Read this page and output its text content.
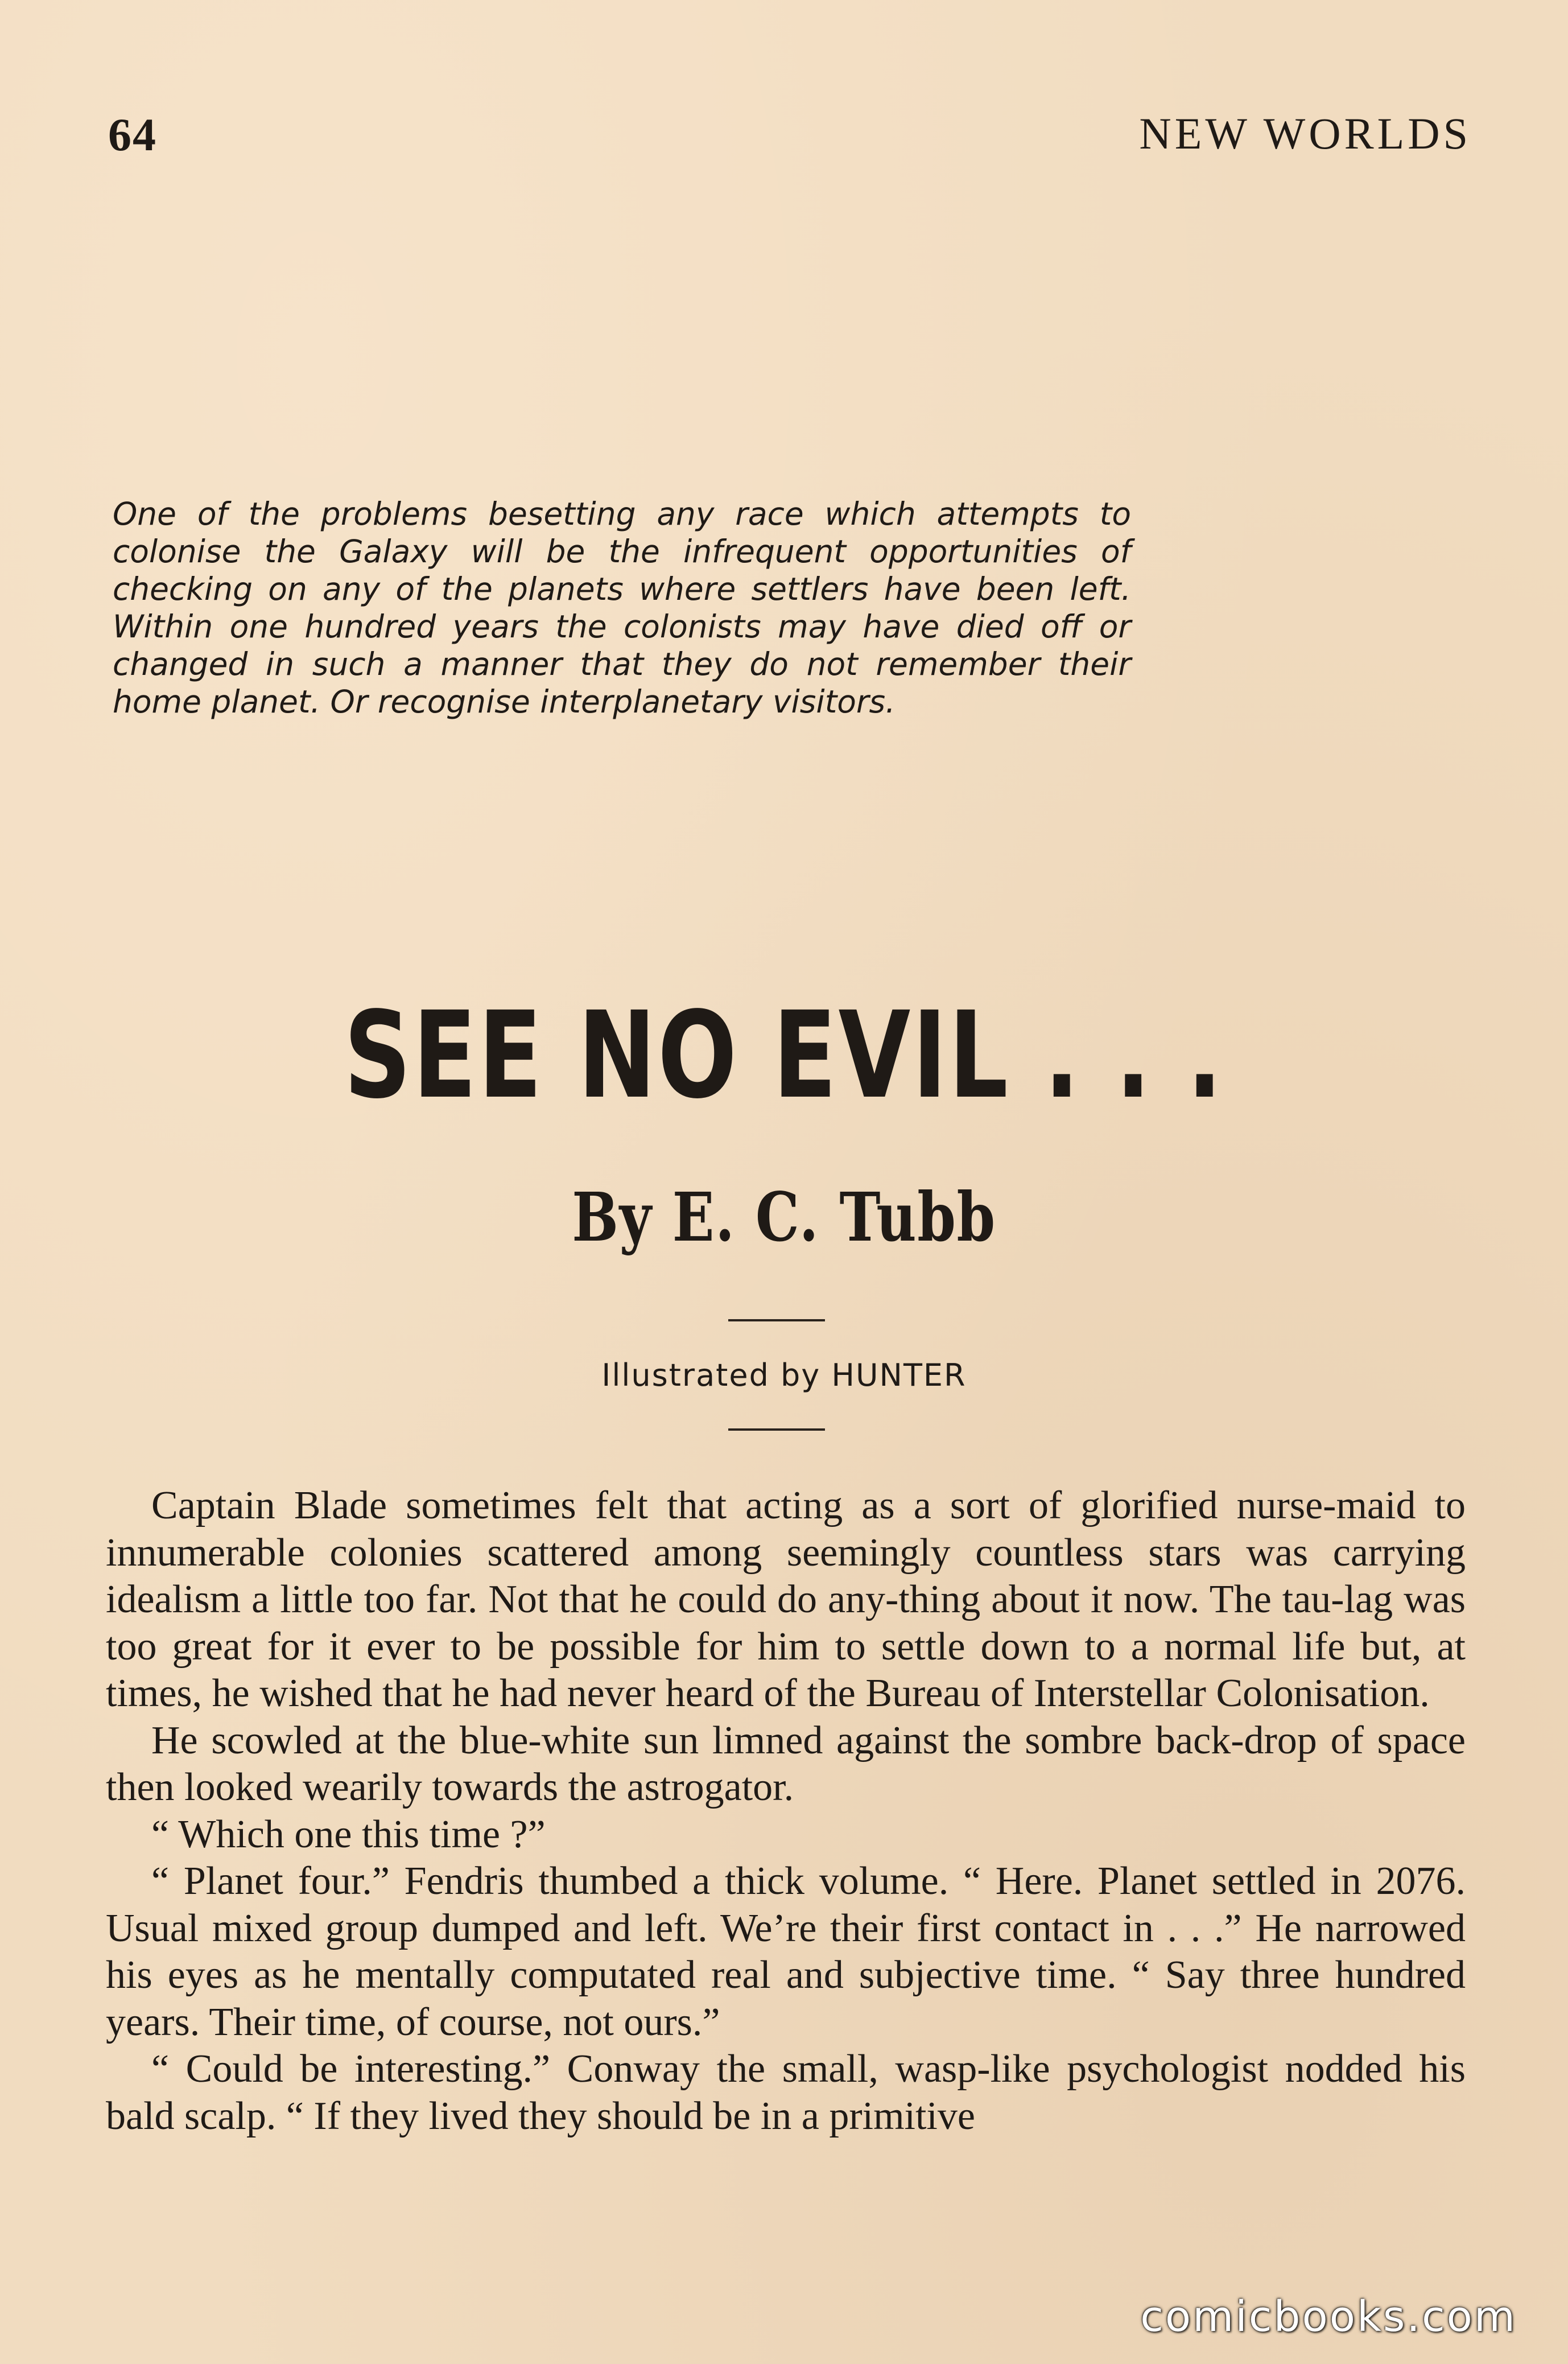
64	NEW WORLDS

One of the problems besetting any race which attempts to colonise the Galaxy will be the infrequent opportunities of checking on any of the planets where settlers have been left. Within one hundred years the colonists may have died off or changed in such a manner that they do not remember their home planet. Or recognise interplanetary visitors.

SEE NO EVIL . . .
By E. C. Tubb

Illustrated by HUNTER

Captain Blade sometimes felt that acting as a sort of glorified nurse-maid to innumerable colonies scattered among seemingly countless stars was carrying idealism a little too far. Not that he could do any-thing about it now. The tau-lag was too great for it ever to be possible for him to settle down to a normal life but, at times, he wished that he had never heard of the Bureau of Interstellar Colonisation.

He scowled at the blue-white sun limned against the sombre back-drop of space then looked wearily towards the astrogator.

“ Which one this time ?”

“ Planet four.” Fendris thumbed a thick volume. “ Here. Planet settled in 2076. Usual mixed group dumped and left. We’re their first contact in . . .” He narrowed his eyes as he mentally computated real and subjective time. “ Say three hundred years. Their time, of course, not ours.”

“ Could be interesting.” Conway the small, wasp-like psychologist nodded his bald scalp. “ If they lived they should be in a primitive

comicbooks.com
